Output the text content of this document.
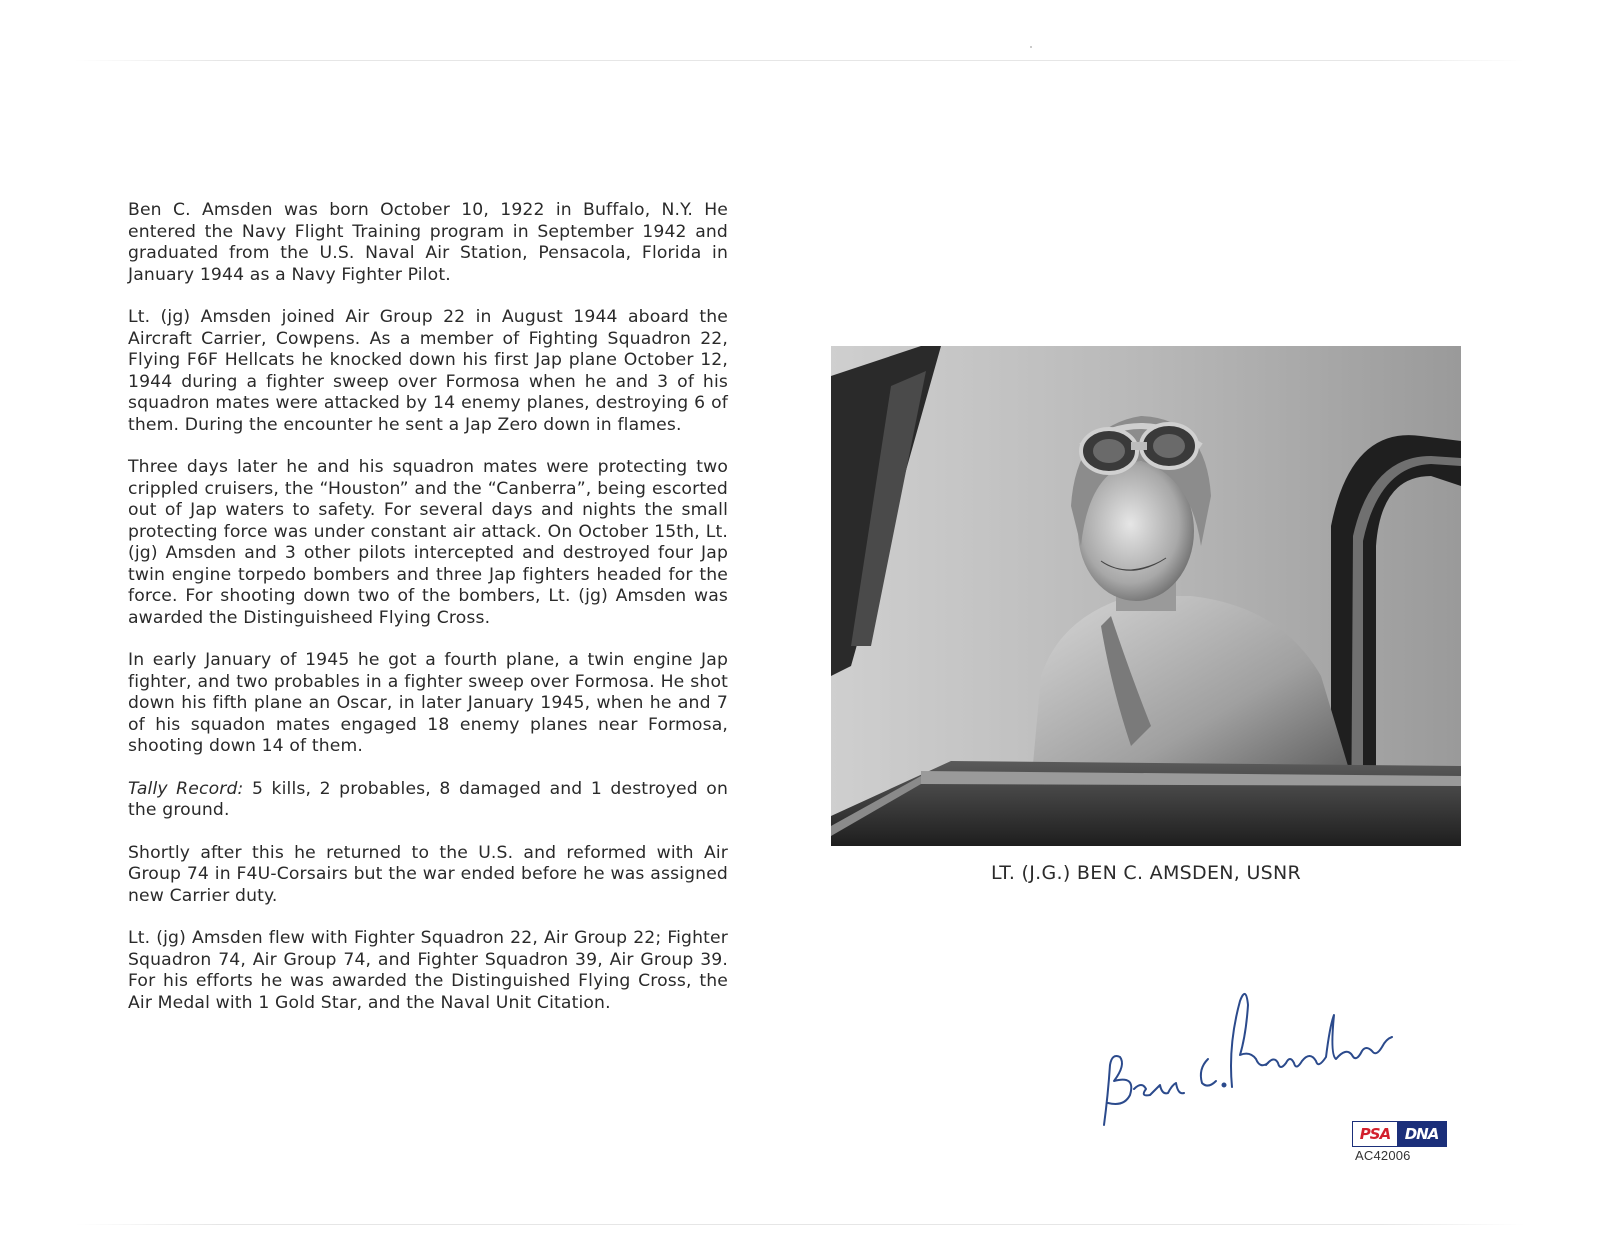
Ben C. Amsden was born October 10, 1922 in Buffalo, N.Y. He entered the Navy Flight Training program in September 1942 and graduated from the U.S. Naval Air Station, Pensacola, Florida in January 1944 as a Navy Fighter Pilot.

Lt. (jg) Amsden joined Air Group 22 in August 1944 aboard the Aircraft Carrier, Cowpens. As a member of Fighting Squadron 22, Flying F6F Hellcats he knocked down his first Jap plane October 12, 1944 during a fighter sweep over Formosa when he and 3 of his squadron mates were attacked by 14 enemy planes, destroying 6 of them. During the encounter he sent a Jap Zero down in flames.

Three days later he and his squadron mates were protecting two crippled cruisers, the “Houston” and the “Canberra”, being escorted out of Jap waters to safety. For several days and nights the small protecting force was under constant air attack. On October 15th, Lt. (jg) Amsden and 3 other pilots intercepted and destroyed four Jap twin engine torpedo bombers and three Jap fighters headed for the force. For shooting down two of the bombers, Lt. (jg) Amsden was awarded the Distinguisheed Flying Cross.

In early January of 1945 he got a fourth plane, a twin engine Jap fighter, and two probables in a fighter sweep over Formosa. He shot down his fifth plane an Oscar, in later January 1945, when he and 7 of his squadon mates engaged 18 enemy planes near Formosa, shooting down 14 of them.

Tally Record: 5 kills, 2 probables, 8 damaged and 1 destroyed on the ground.

Shortly after this he returned to the U.S. and reformed with Air Group 74 in F4U-Corsairs but the war ended before he was assigned new Carrier duty.

Lt. (jg) Amsden flew with Fighter Squadron 22, Air Group 22; Fighter Squadron 74, Air Group 74, and Fighter Squadron 39, Air Group 39. For his efforts he was awarded the Distinguished Flying Cross, the Air Medal with 1 Gold Star, and the Naval Unit Citation.

LT. (J.G.) BEN C. AMSDEN, USNR
PSA DNA
AC42006
